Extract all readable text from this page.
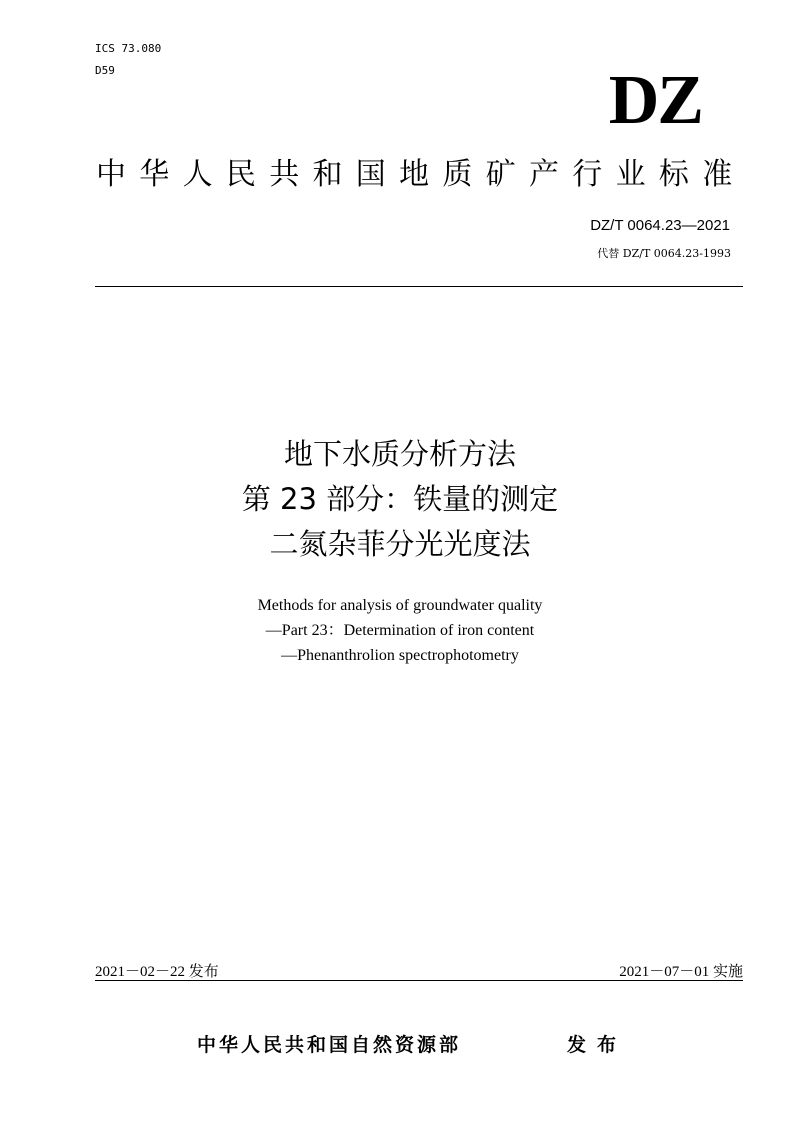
ICS 73.080
D59	DZ
中华人民共和国地质矿产行业标准
DZ/T 0064.23—2021
代替 DZ/T 0064.23-1993
地下水质分析方法
第 23 部分：铁量的测定
二氮杂菲分光光度法
Methods for analysis of groundwater quality
—Part 23：Determination of iron content
—Phenanthrolion spectrophotometry
2021－02－22 发布	2021－07－01 实施
中华人民共和国自然资源部	发布
